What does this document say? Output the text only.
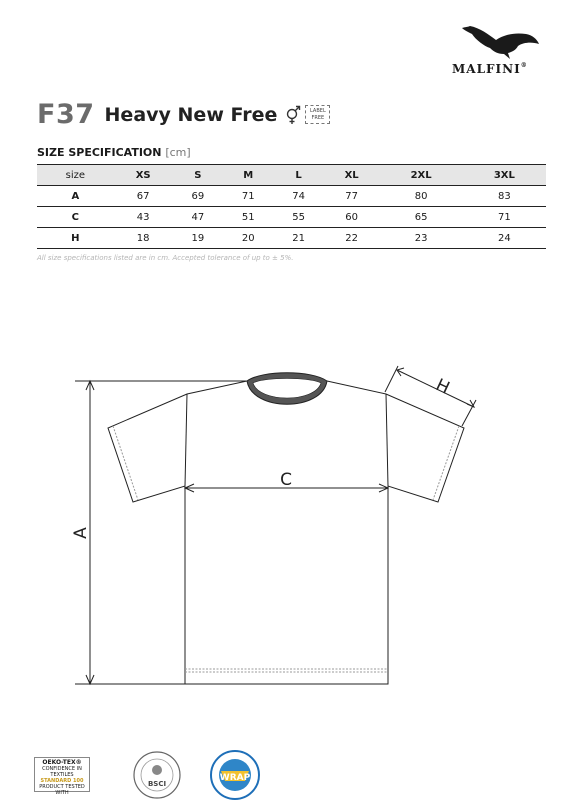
MALFINI®
F37 Heavy New Free	LABEL
FREE
SIZE SPECIFICATION [cm]
size	XS	S	M	L	XL	2XL	3XL
A	67	69	71	74	77	80	83
C	43	47	51	55	60	65	71
H	18	19	20	21	22	23	24
All size specifications listed are in cm. Accepted tolerance of up to ± 5%.
A
C
H
OEKO-TEX®
CONFIDENCE IN TEXTILES
STANDARD 100
PRODUCT TESTED WITH
BSCI
WRAP
